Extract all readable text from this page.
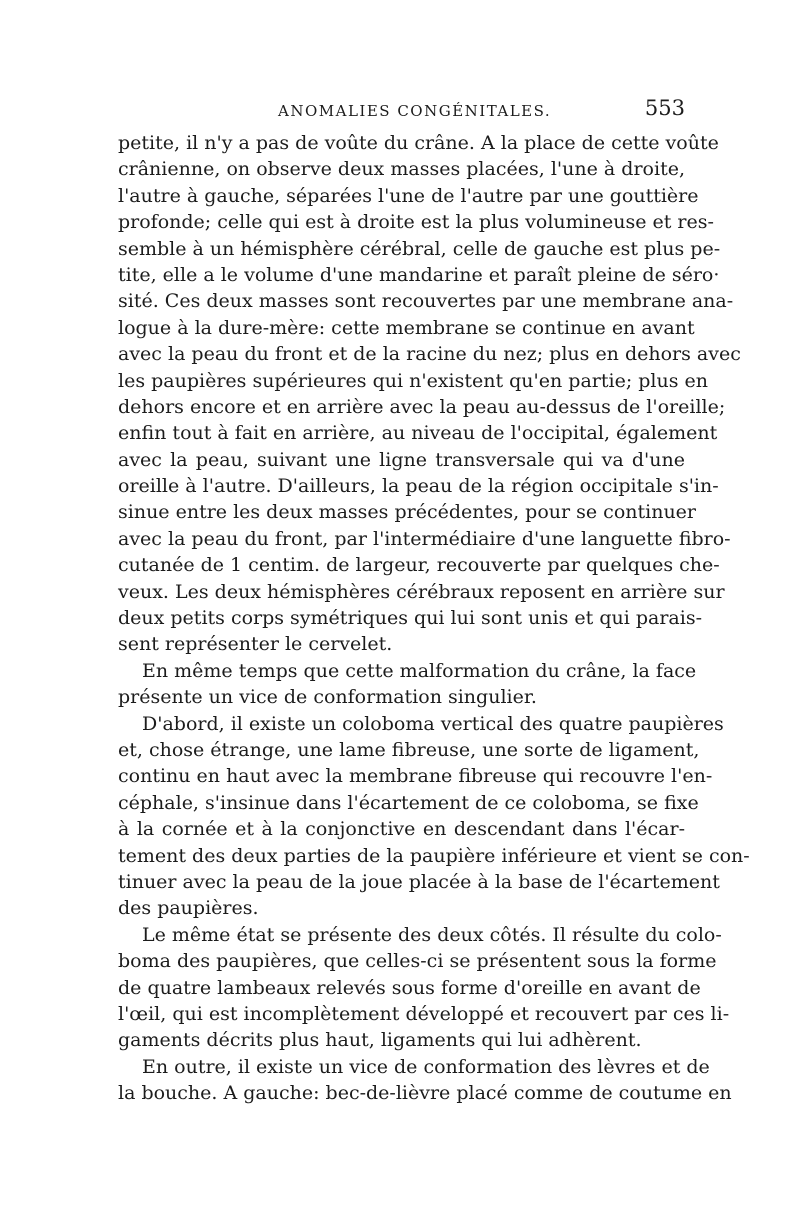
ANOMALIES CONGÉNITALES.	553
petite, il n'y a pas de voûte du crâne. A la place de cette voûte
crânienne, on observe deux masses placées, l'une à droite,
l'autre à gauche, séparées l'une de l'autre par une gouttière
profonde; celle qui est à droite est la plus volumineuse et res-
semble à un hémisphère cérébral, celle de gauche est plus pe-
tite, elle a le volume d'une mandarine et paraît pleine de séro·
sité. Ces deux masses sont recouvertes par une membrane ana-
logue à la dure-mère: cette membrane se continue en avant
avec la peau du front et de la racine du nez; plus en dehors avec
les paupières supérieures qui n'existent qu'en partie; plus en
dehors encore et en arrière avec la peau au-dessus de l'oreille;
enfin tout à fait en arrière, au niveau de l'occipital, également
avec la peau, suivant une ligne transversale qui va d'une
oreille à l'autre. D'ailleurs, la peau de la région occipitale s'in-
sinue entre les deux masses précédentes, pour se continuer
avec la peau du front, par l'intermédiaire d'une languette fibro-
cutanée de 1 centim. de largeur, recouverte par quelques che-
veux. Les deux hémisphères cérébraux reposent en arrière sur
deux petits corps symétriques qui lui sont unis et qui parais-
sent représenter le cervelet.
En même temps que cette malformation du crâne, la face
présente un vice de conformation singulier.
D'abord, il existe un coloboma vertical des quatre paupières
et, chose étrange, une lame fibreuse, une sorte de ligament,
continu en haut avec la membrane fibreuse qui recouvre l'en-
céphale, s'insinue dans l'écartement de ce coloboma, se fixe
à la cornée et à la conjonctive en descendant dans l'écar-
tement des deux parties de la paupière inférieure et vient se con-
tinuer avec la peau de la joue placée à la base de l'écartement
des paupières.
Le même état se présente des deux côtés. Il résulte du colo-
boma des paupières, que celles-ci se présentent sous la forme
de quatre lambeaux relevés sous forme d'oreille en avant de
l'œil, qui est incomplètement développé et recouvert par ces li-
gaments décrits plus haut, ligaments qui lui adhèrent.
En outre, il existe un vice de conformation des lèvres et de
la bouche. A gauche: bec-de-lièvre placé comme de coutume en
